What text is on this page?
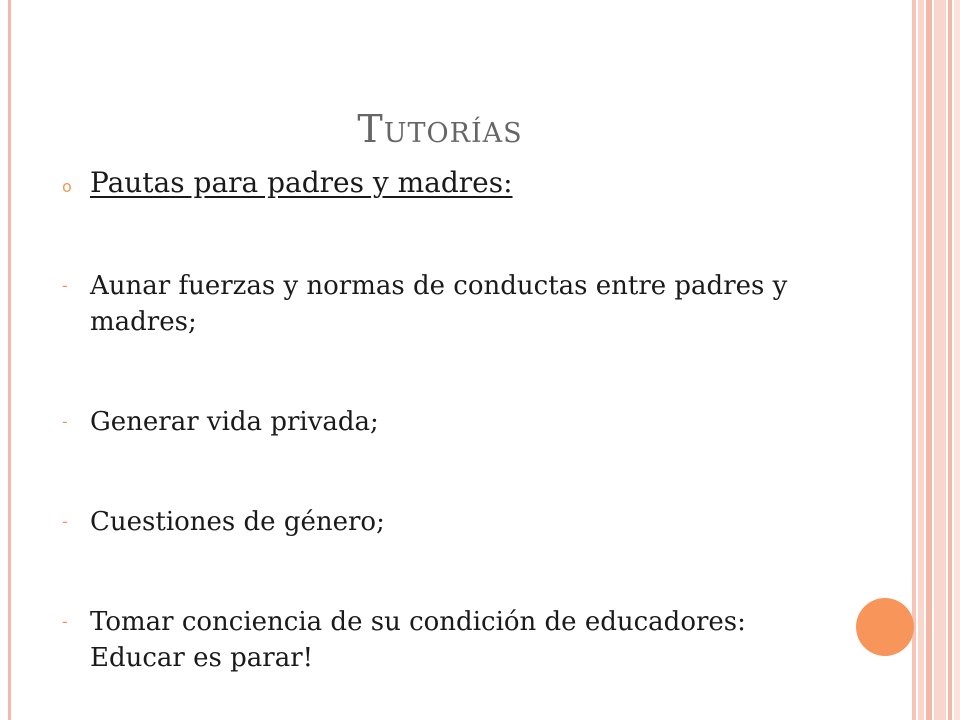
Tutorías
o Pautas para padres y madres:
- Aunar fuerzas y normas de conductas entre padres y madres;
- Generar vida privada;
- Cuestiones de género;
- Tomar conciencia de su condición de educadores: Educar es parar!
